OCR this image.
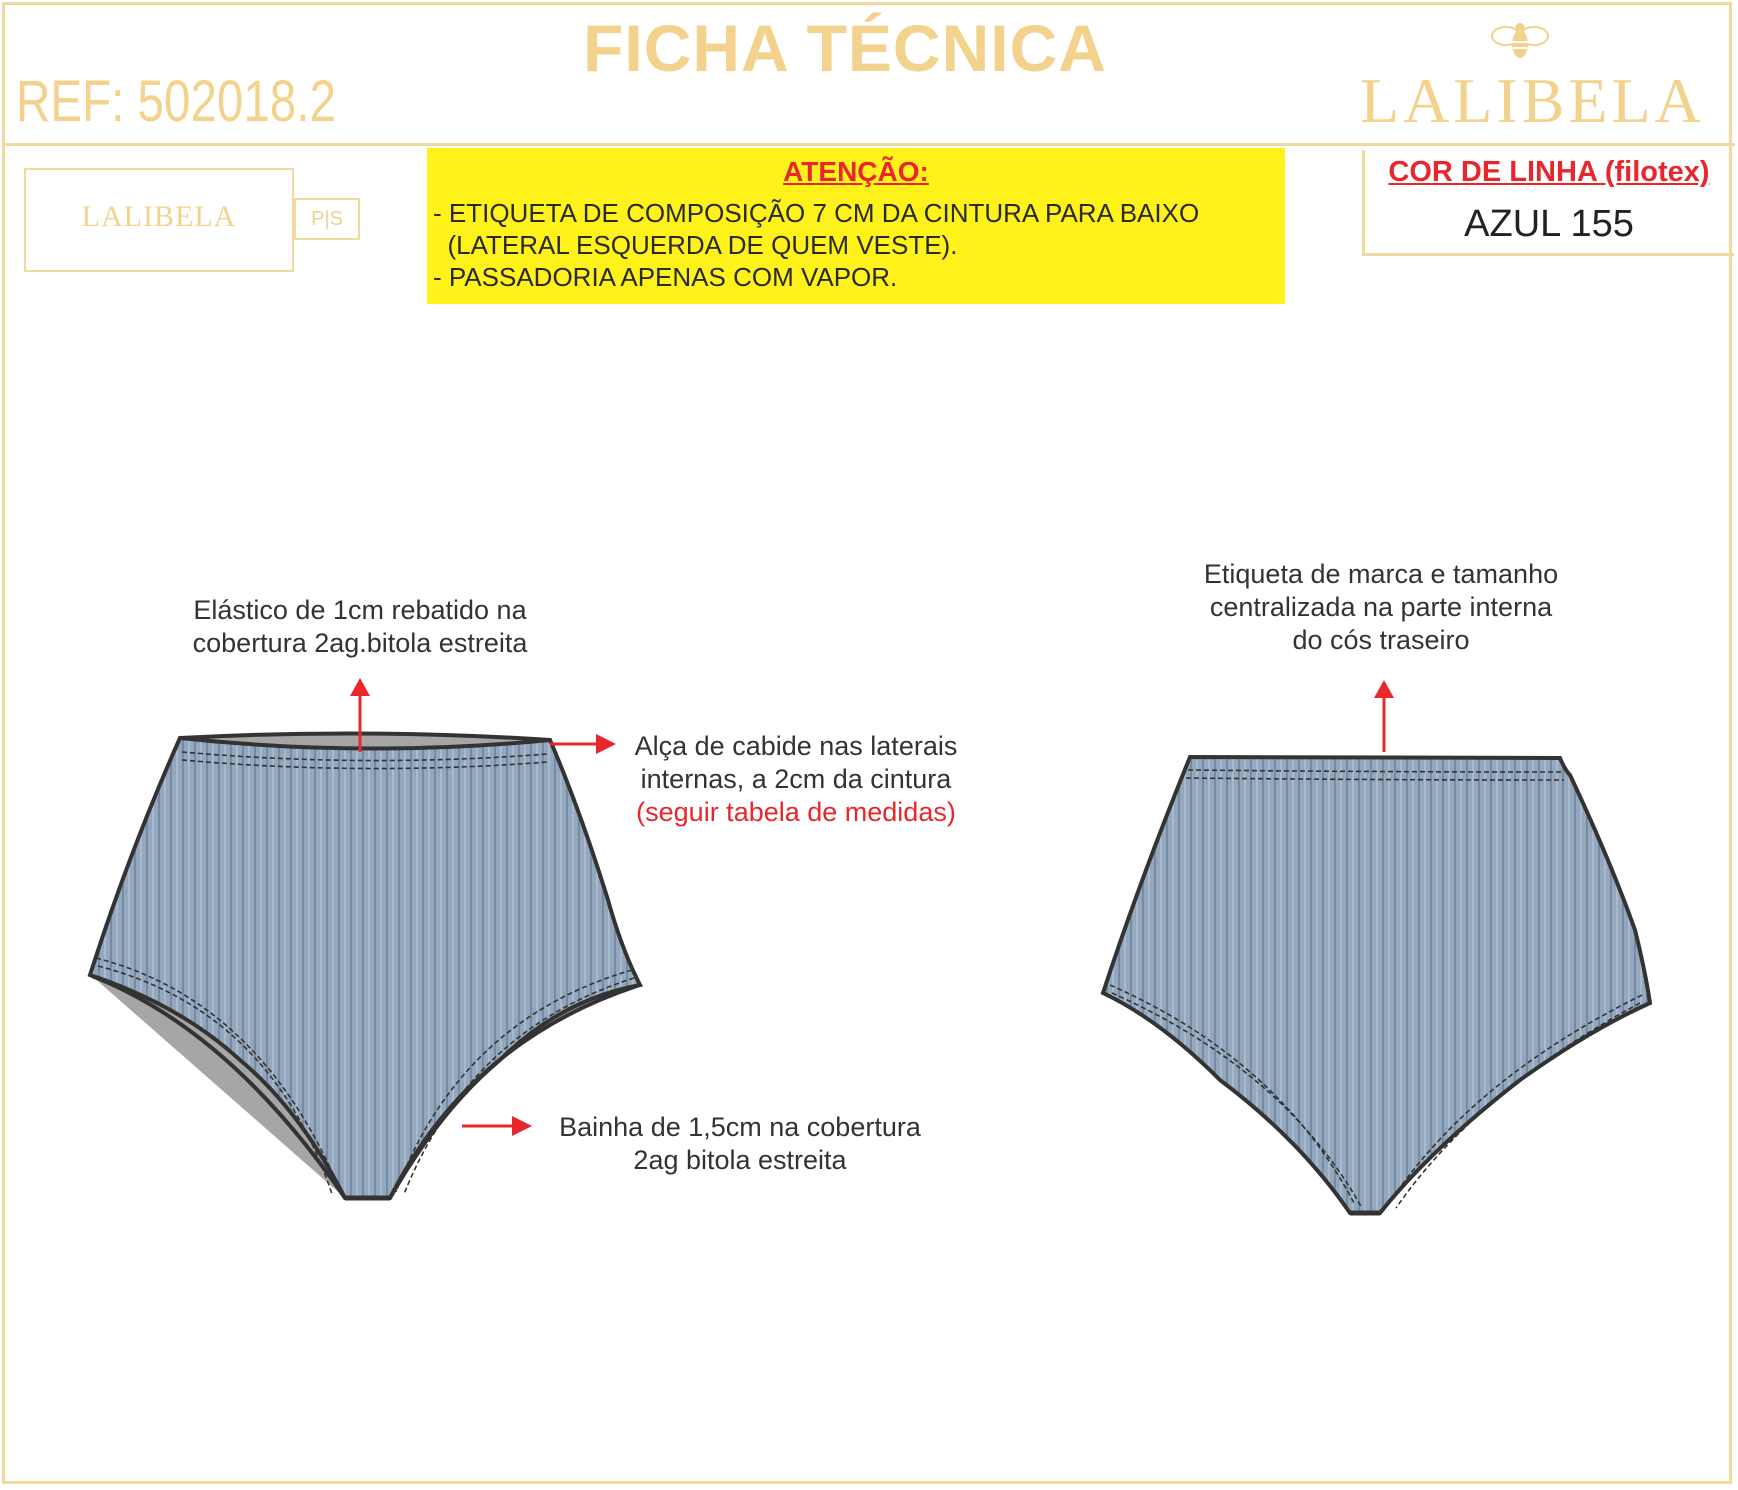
FICHA TÉCNICA
REF: 502018.2	LALIBELA
LALIBELA	P|S
ATENÇÃO:
- ETIQUETA DE COMPOSIÇÃO 7 CM DA CINTURA PARA BAIXO
(LATERAL ESQUERDA DE QUEM VESTE).
- PASSADORIA APENAS COM VAPOR.
COR DE LINHA (filotex)
AZUL 155
Elástico de 1cm rebatido na
cobertura 2ag.bitola estreita
Alça de cabide nas laterais
internas, a 2cm da cintura
(seguir tabela de medidas)
Bainha de 1,5cm na cobertura
2ag bitola estreita
Etiqueta de marca e tamanho
centralizada na parte interna
do cós traseiro
